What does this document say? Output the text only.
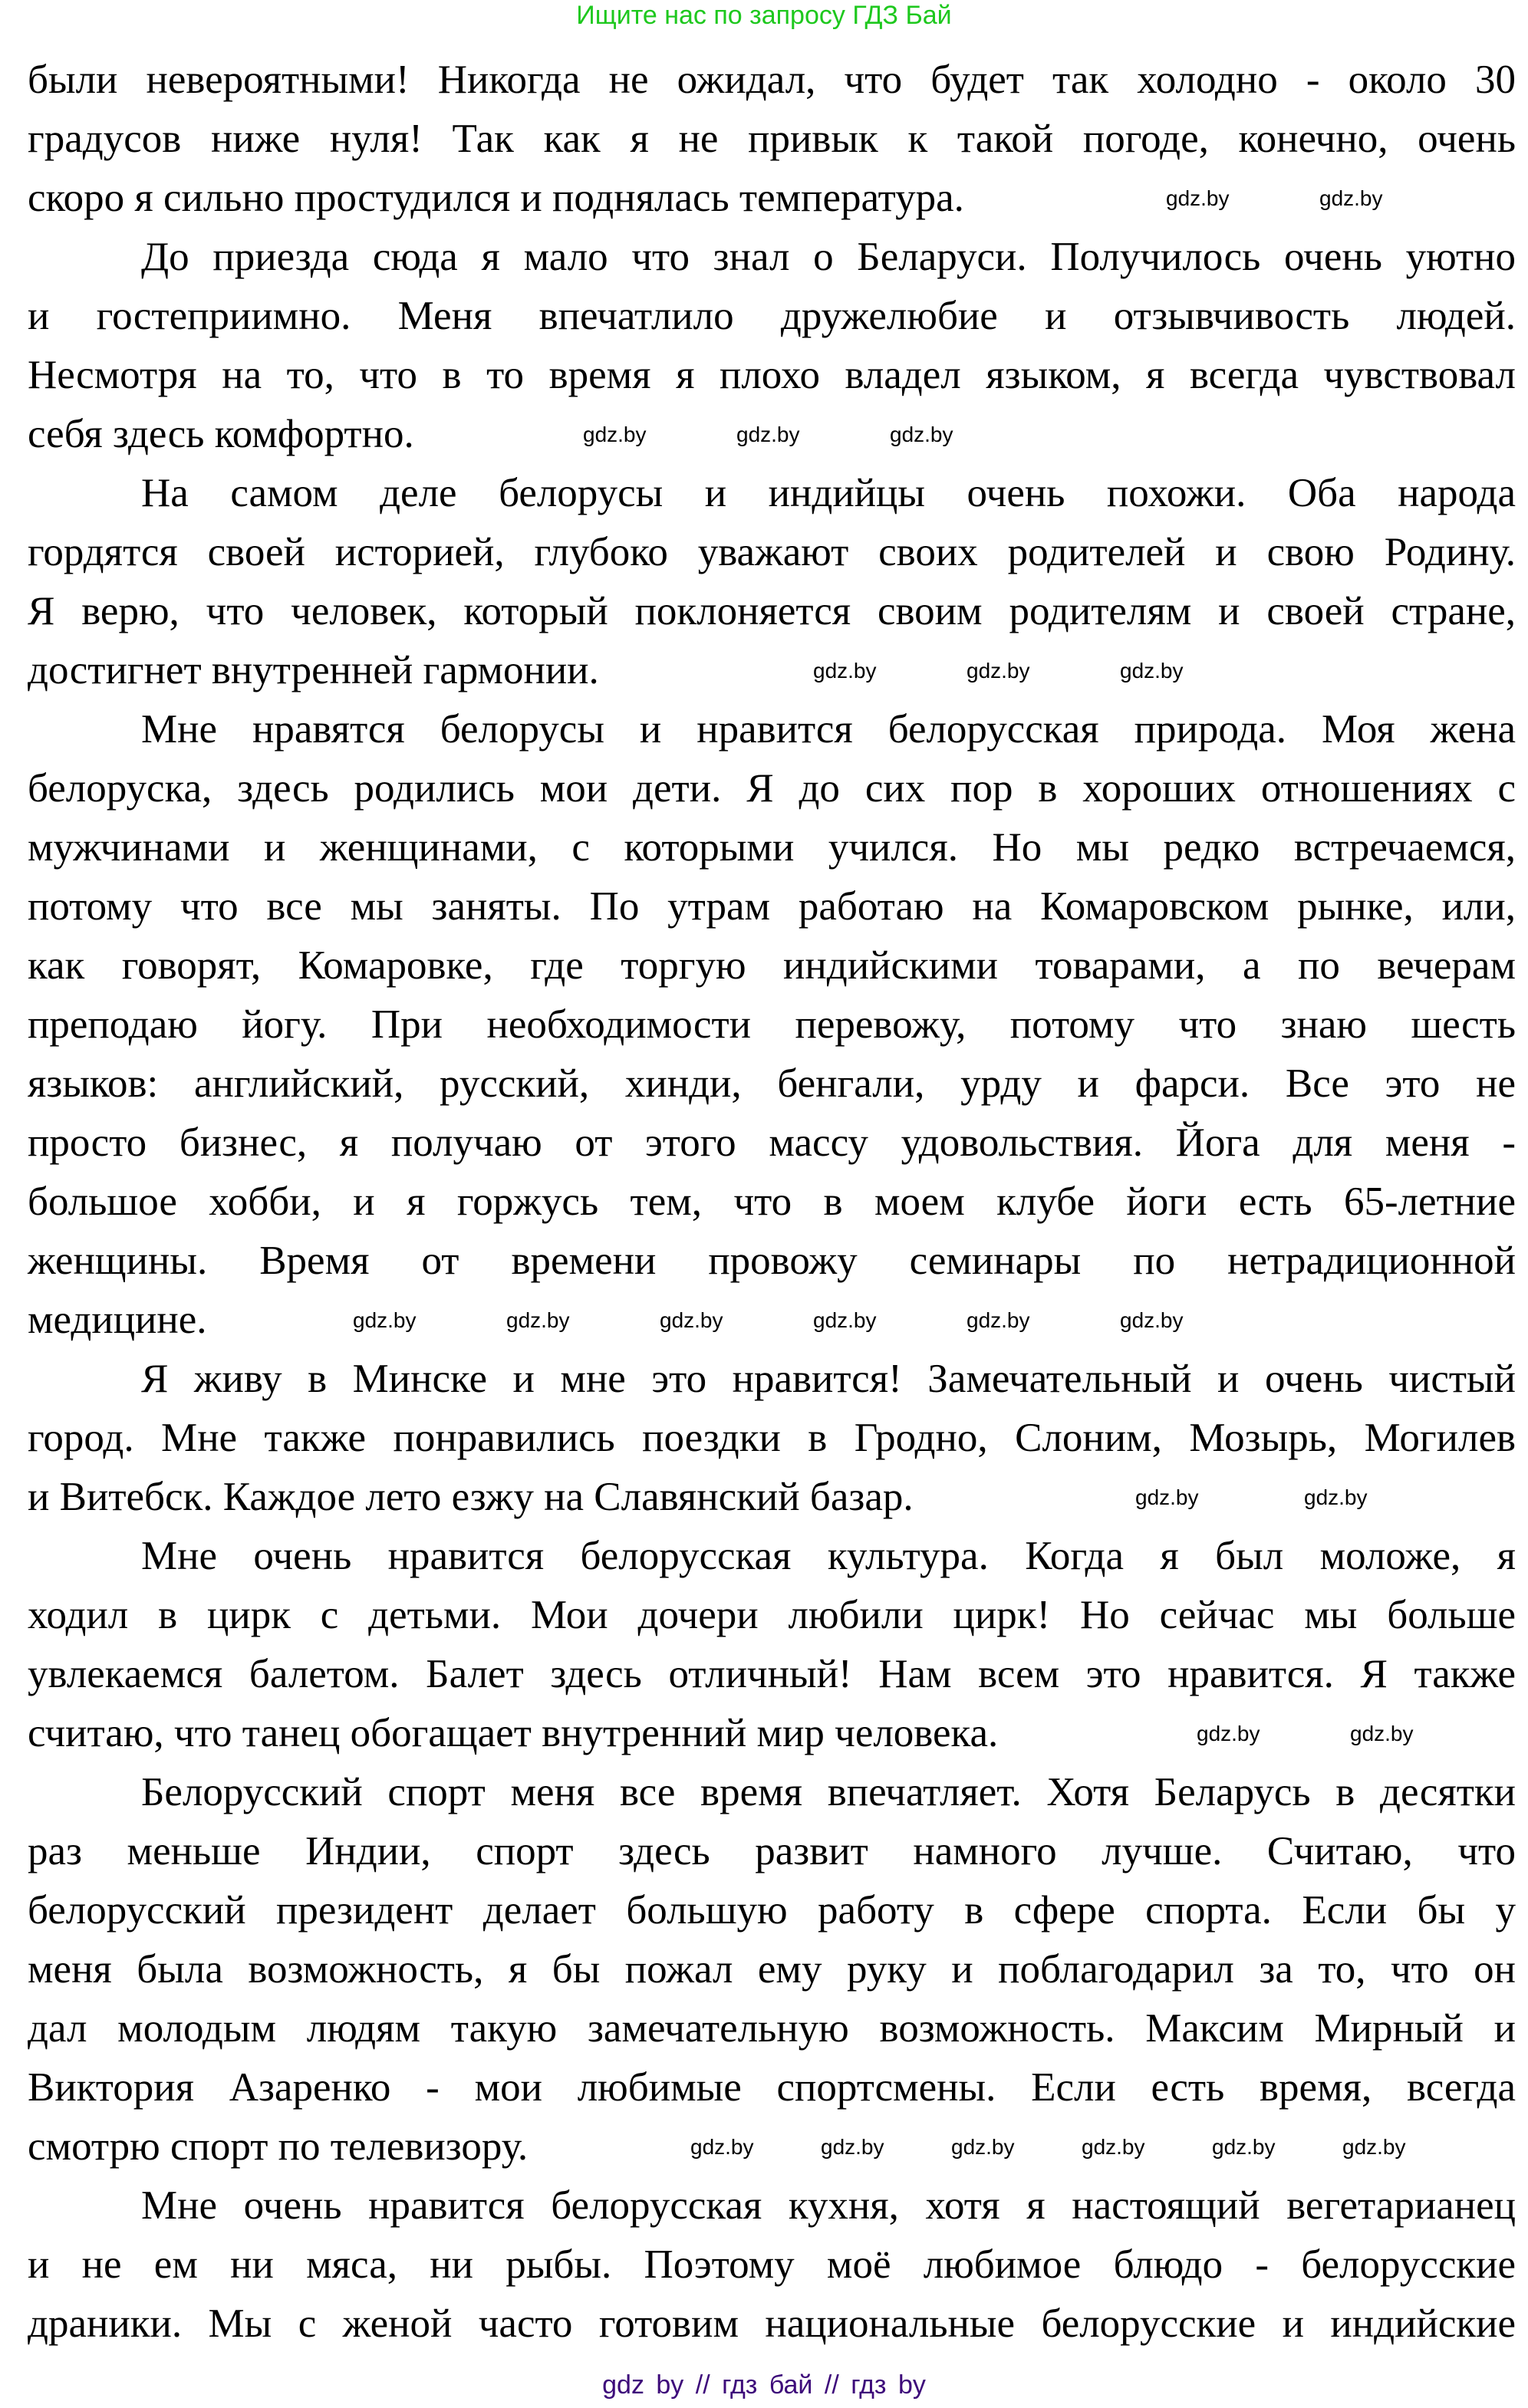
Ищите нас по запросу ГДЗ Бай
были невероятными! Никогда не ожидал, что будет так холодно - около 30
градусов ниже нуля! Так как я не привык к такой погоде, конечно, очень
скоро я сильно простудился и поднялась температура.
До приезда сюда я мало что знал о Беларуси. Получилось очень уютно
и гостеприимно. Меня впечатлило дружелюбие и отзывчивость людей.
Несмотря на то, что в то время я плохо владел языком, я всегда чувствовал
себя здесь комфортно.
На самом деле белорусы и индийцы очень похожи. Оба народа
гордятся своей историей, глубоко уважают своих родителей и свою Родину.
Я верю, что человек, который поклоняется своим родителям и своей стране,
достигнет внутренней гармонии.
Мне нравятся белорусы и нравится белорусская природа. Моя жена
белоруска, здесь родились мои дети. Я до сих пор в хороших отношениях с
мужчинами и женщинами, с которыми учился. Но мы редко встречаемся,
потому что все мы заняты. По утрам работаю на Комаровском рынке, или,
как говорят, Комаровке, где торгую индийскими товарами, а по вечерам
преподаю йогу. При необходимости перевожу, потому что знаю шесть
языков: английский, русский, хинди, бенгали, урду и фарси. Все это не
просто бизнес, я получаю от этого массу удовольствия. Йога для меня -
большое хобби, и я горжусь тем, что в моем клубе йоги есть 65-летние
женщины. Время от времени провожу семинары по нетрадиционной
медицине.
Я живу в Минске и мне это нравится! Замечательный и очень чистый
город. Мне также понравились поездки в Гродно, Слоним, Мозырь, Могилев
и Витебск. Каждое лето езжу на Славянский базар.
Мне очень нравится белорусская культура. Когда я был моложе, я
ходил в цирк с детьми. Мои дочери любили цирк! Но сейчас мы больше
увлекаемся балетом. Балет здесь отличный! Нам всем это нравится. Я также
считаю, что танец обогащает внутренний мир человека.
Белорусский спорт меня все время впечатляет. Хотя Беларусь в десятки
раз меньше Индии, спорт здесь развит намного лучше. Считаю, что
белорусский президент делает большую работу в сфере спорта. Если бы у
меня была возможность, я бы пожал ему руку и поблагодарил за то, что он
дал молодым людям такую замечательную возможность. Максим Мирный и
Виктория Азаренко - мои любимые спортсмены. Если есть время, всегда
смотрю спорт по телевизору.
Мне очень нравится белорусская кухня, хотя я настоящий вегетарианец
и не ем ни мяса, ни рыбы. Поэтому моё любимое блюдо - белорусские
драники. Мы с женой часто готовим национальные белорусские и индийские
gdz.by	gdz.by
gdz.by	gdz.by	gdz.by
gdz.by	gdz.by	gdz.by
gdz.by	gdz.by	gdz.by	gdz.by	gdz.by	gdz.by
gdz.by	gdz.by
gdz.by	gdz.by
gdz.by	gdz.by	gdz.by	gdz.by	gdz.by	gdz.by
gdz by // гдз бай // гдз by
